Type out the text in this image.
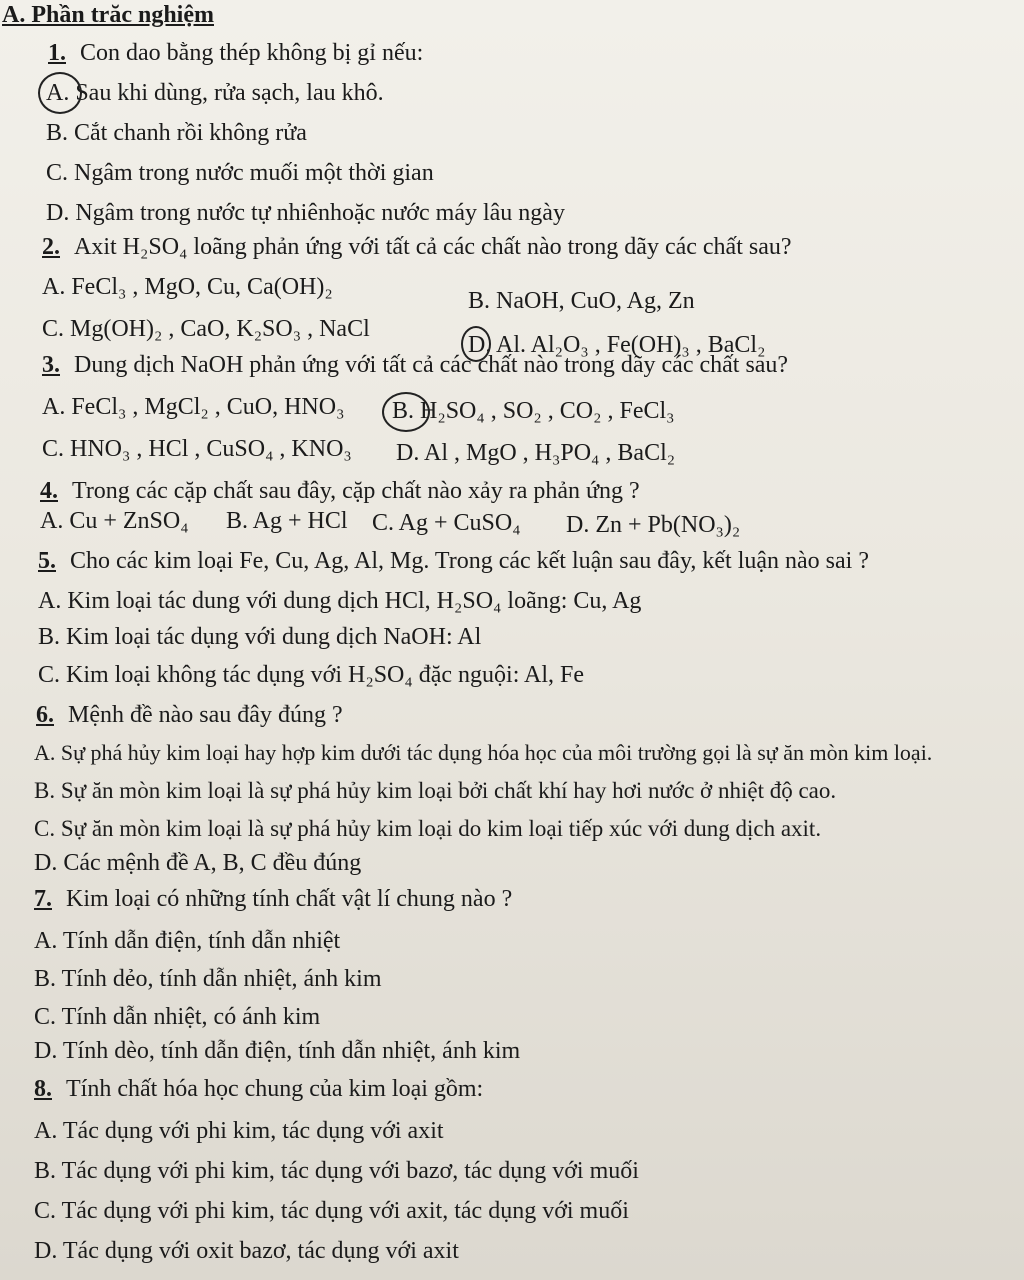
A. Phần trăc nghiệm
1. Con dao bằng thép không bị gỉ nếu:
A. Sau khi dùng, rửa sạch, lau khô.
B. Cắt chanh rồi không rửa
C. Ngâm trong nước muối một thời gian
D. Ngâm trong nước tự nhiênhoặc nước máy lâu ngày
2. Axit H₂SO₄ loãng phản ứng với tất cả các chất nào trong dãy các chất sau?
A. FeCl₃ , MgO, Cu, Ca(OH)₂
B. NaOH, CuO, Ag, Zn
C. Mg(OH)₂ , CaO, K₂SO₃ , NaCl
D. Al. Al₂O₃ , Fe(OH)₃ , BaCl₂
3. Dung dịch NaOH phản ứng với tất cả các chất nào trong dãy các chất sau?
A. FeCl₃ , MgCl₂ , CuO, HNO₃ B. H₂SO₄ , SO₂ , CO₂ , FeCl₃
C. HNO₃ , HCl , CuSO₄ , KNO₃ D. Al , MgO , H₃PO₄ , BaCl₂
4. Trong các cặp chất sau đây, cặp chất nào xảy ra phản ứng ?
A. Cu + ZnSO₄ B. Ag + HCl C. Ag + CuSO₄ D. Zn + Pb(NO₃)₂
5. Cho các kim loại Fe, Cu, Ag, Al, Mg. Trong các kết luận sau đây, kết luận nào sai ?
A. Kim loại tác dung với dung dịch HCl, H₂SO₄ loãng: Cu, Ag
B. Kim loại tác dụng với dung dịch NaOH: Al
C. Kim loại không tác dụng với H₂SO₄ đặc nguội: Al, Fe
6. Mệnh đề nào sau đây đúng ?
A. Sự phá hủy kim loại hay hợp kim dưới tác dụng hóa học của môi trường gọi là sự ăn mòn kim loại.
B. Sự ăn mòn kim loại là sự phá hủy kim loại bởi chất khí hay hơi nước ở nhiệt độ cao.
C. Sự ăn mòn kim loại là sự phá hủy kim loại do kim loại tiếp xúc với dung dịch axit.
D. Các mệnh đề A, B, C đều đúng
7. Kim loại có những tính chất vật lí chung nào ?
A. Tính dẫn điện, tính dẫn nhiệt
B. Tính dẻo, tính dẫn nhiệt, ánh kim
C. Tính dẫn nhiệt, có ánh kim
D. Tính dèo, tính dẫn điện, tính dẫn nhiệt, ánh kim
8. Tính chất hóa học chung của kim loại gồm:
A. Tác dụng với phi kim, tác dụng với axit
B. Tác dụng với phi kim, tác dụng với bazơ, tác dụng với muối
C. Tác dụng với phi kim, tác dụng với axit, tác dụng với muối
D. Tác dụng với oxit bazơ, tác dụng với axit
